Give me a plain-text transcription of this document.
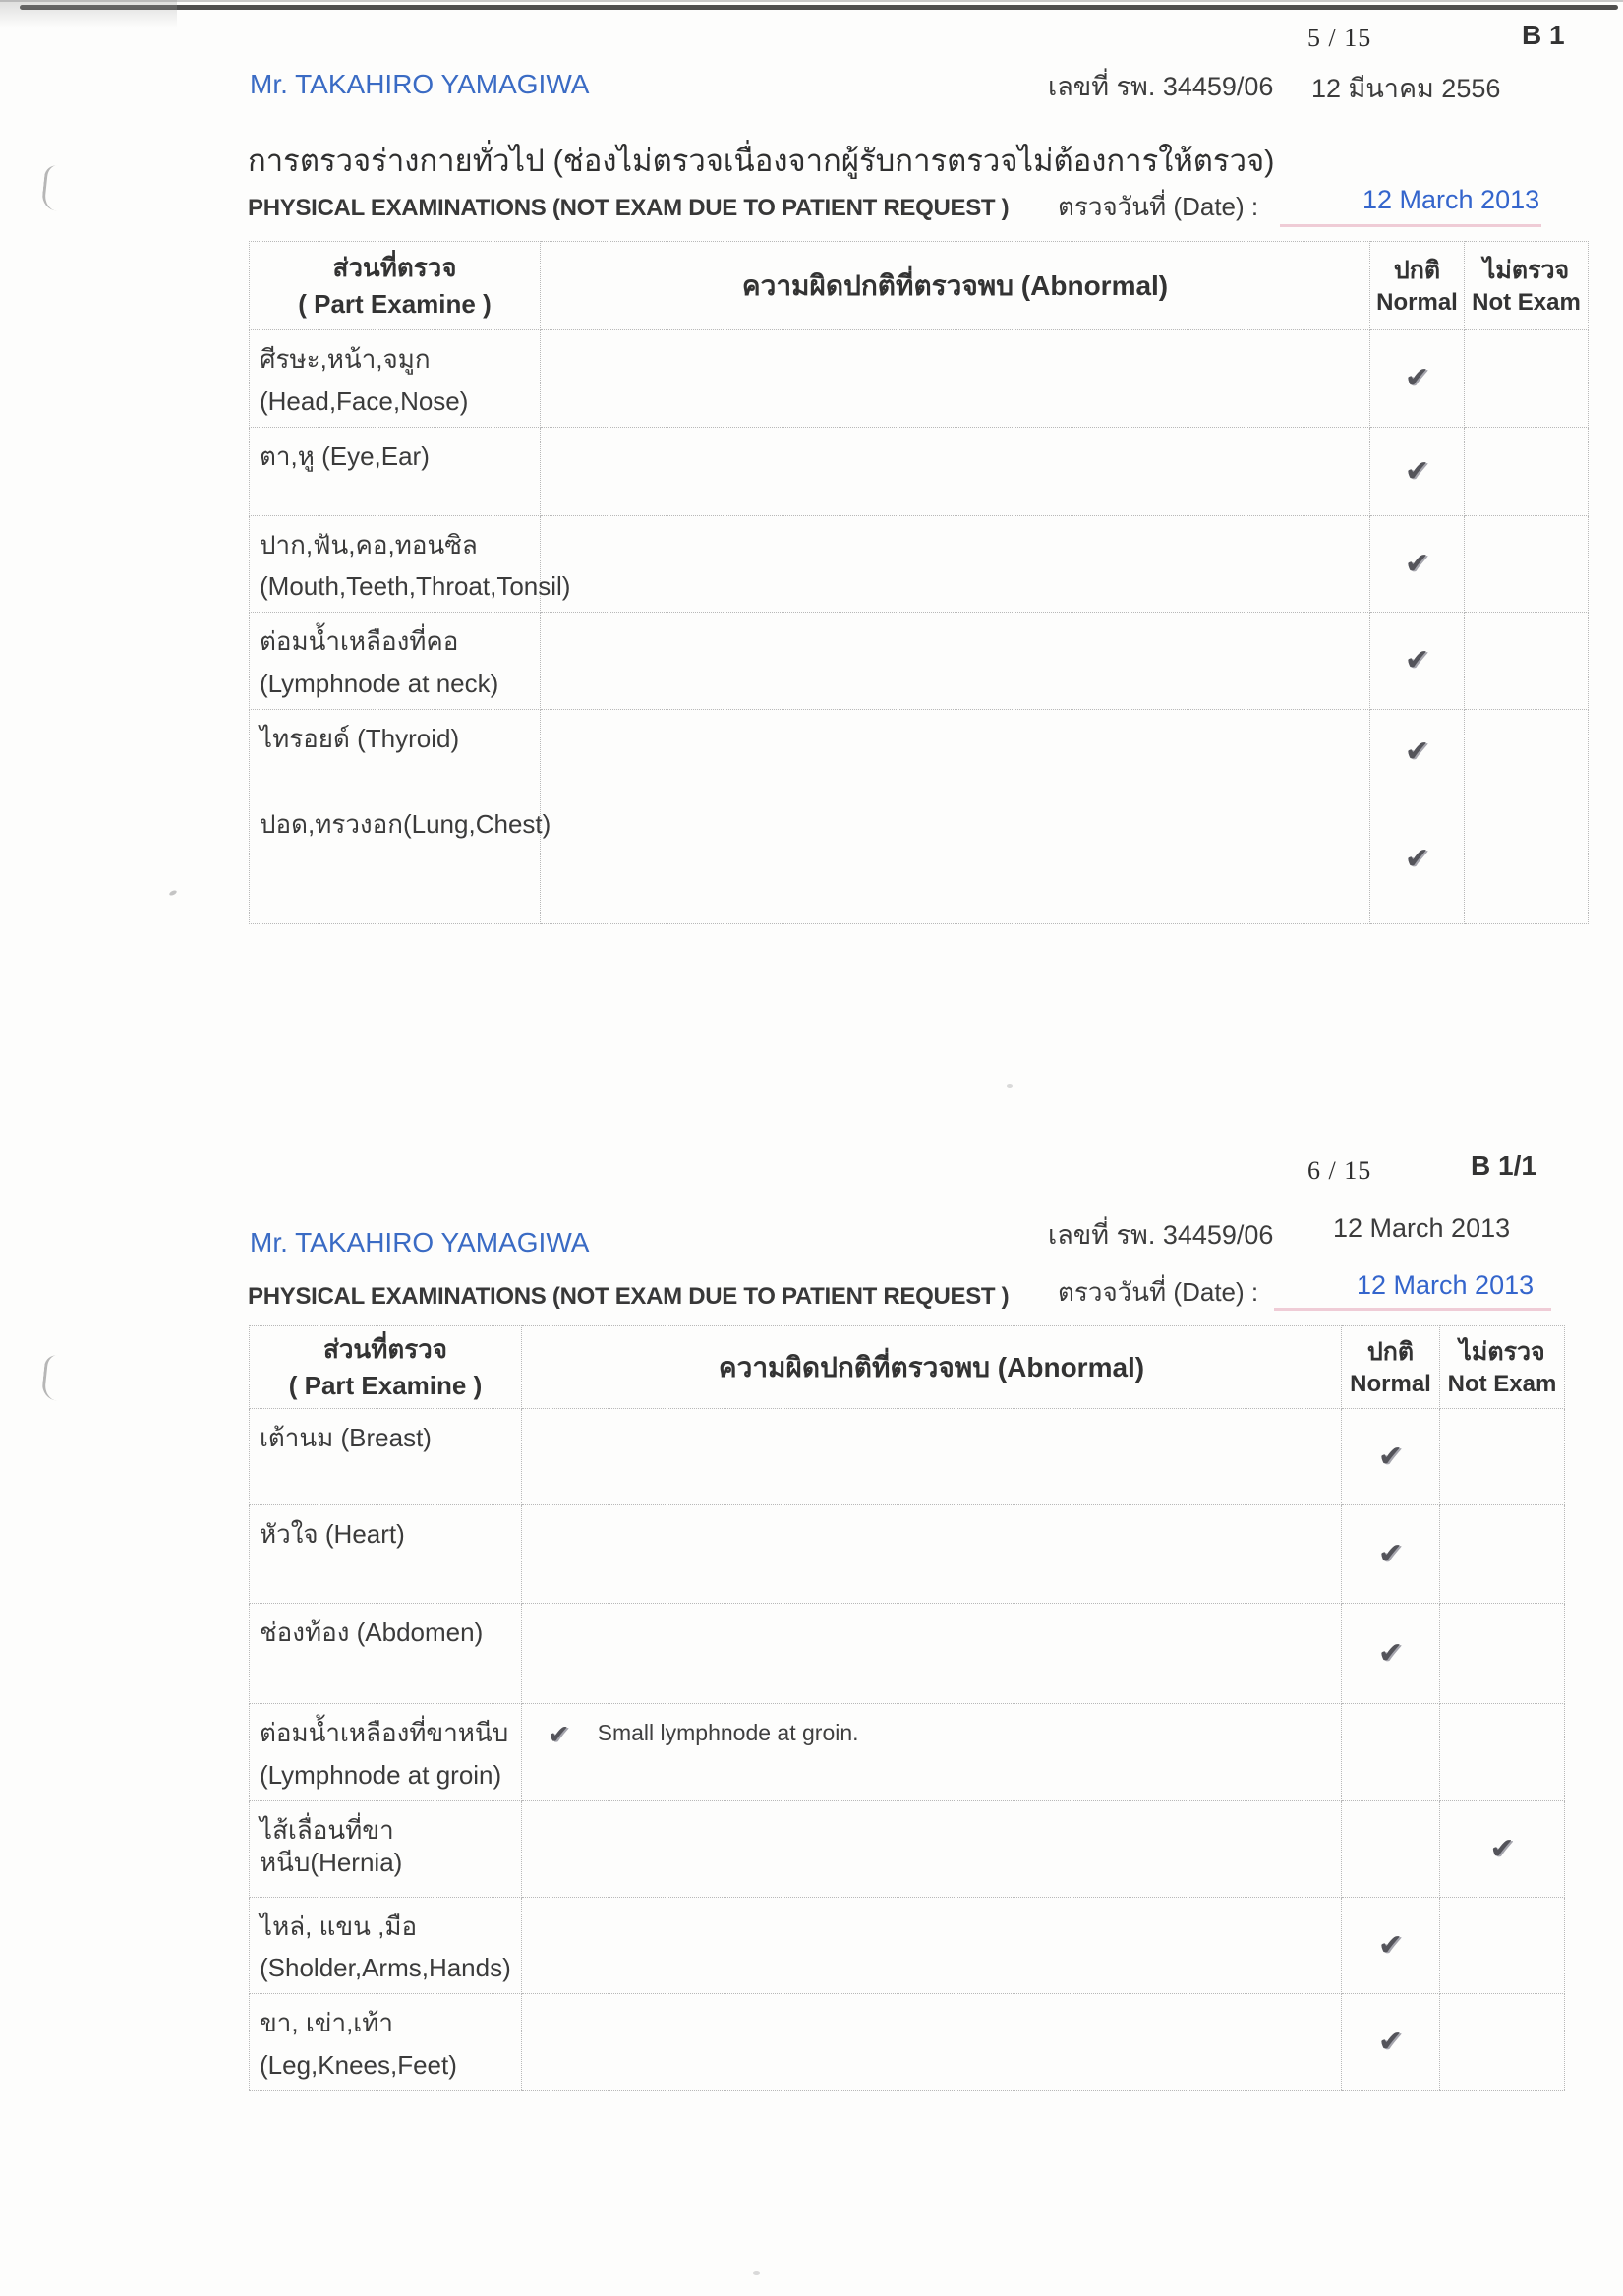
5 / 15	B 1
Mr. TAKAHIRO YAMAGIWA	เลขที่ รพ. 34459/06 12 มีนาคม 2556
การตรวจร่างกายทั่วไป (ช่องไม่ตรวจเนื่องจากผู้รับการตรวจไม่ต้องการให้ตรวจ)
PHYSICAL EXAMINATIONS (NOT EXAM DUE TO PATIENT REQUEST ) ตรวจวันที่ (Date) :	12 March 2013
ส่วนที่ตรวจ
( Part Examine )
	ความผิดปกติที่ตรวจพบ (Abnormal)	ปกติ
Normal

ไม่ตรวจ
Not Exam

ศีรษะ,หน้า,จมูก
(Head,Face,Nose)		✔	

ตา,หู (Eye,Ear)		✔	

ปาก,ฟัน,คอ,ทอนซิล
(Mouth,Teeth,Throat,Tonsil)		✔	

ต่อมน้ำเหลืองที่คอ
(Lymphnode at neck)		✔	

ไทรอยด์ (Thyroid)		✔	

ปอด,ทรวงอก(Lung,Chest)		✔	
6 / 15	B 1/1
เลขที่ รพ. 34459/06 12 March 2013
Mr. TAKAHIRO YAMAGIWA
PHYSICAL EXAMINATIONS (NOT EXAM DUE TO PATIENT REQUEST ) ตรวจวันที่ (Date) :	12 March 2013
ส่วนที่ตรวจ
( Part Examine )
	ความผิดปกติที่ตรวจพบ (Abnormal)	ปกติ
Normal

ไม่ตรวจ
Not Exam

เต้านม (Breast)		✔	

หัวใจ (Heart)		✔	

ช่องท้อง (Abdomen)		✔	

ต่อมน้ำเหลืองที่ขาหนีบ
(Lymphnode at groin)	✔ Small lymphnode at groin.		

ไส้เลื่อนที่ขาหนีบ(Hernia)			✔

ไหล่, แขน ,มือ
(Sholder,Arms,Hands)		✔	

ขา, เข่า,เท้า
(Leg,Knees,Feet)		✔	
